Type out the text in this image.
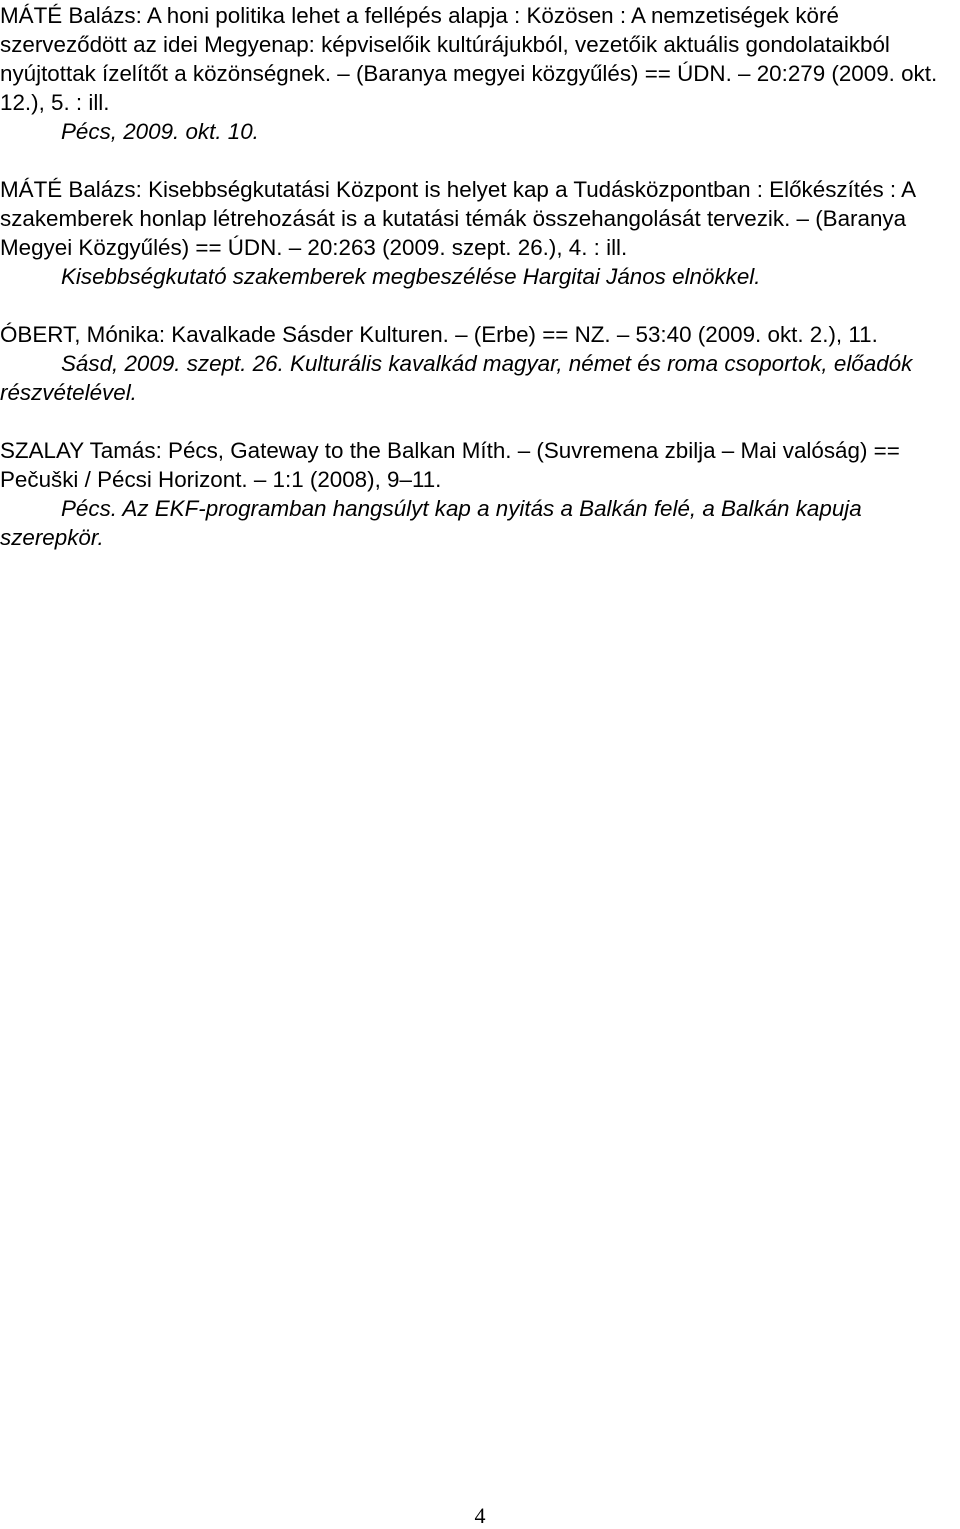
MÁTÉ Balázs: A honi politika lehet a fellépés alapja : Közösen : A nemzetiségek köré szerveződött az idei Megyenap: képviselőik kultúrájukból, vezetőik aktuális gondolataikból nyújtottak ízelítőt a közönségnek. – (Baranya megyei közgyűlés) == ÚDN. – 20:279 (2009. okt. 12.), 5. : ill.

Pécs, 2009. okt. 10.

MÁTÉ Balázs: Kisebbségkutatási Központ is helyet kap a Tudásközpontban : Előkészítés : A szakemberek honlap létrehozását is a kutatási témák összehangolását tervezik. – (Baranya Megyei Közgyűlés) == ÚDN. – 20:263 (2009. szept. 26.), 4. : ill.

Kisebbségkutató szakemberek megbeszélése Hargitai János elnökkel.

ÓBERT, Mónika: Kavalkade Sásder Kulturen. – (Erbe) == NZ. – 53:40 (2009. okt. 2.), 11.

Sásd, 2009. szept. 26. Kulturális kavalkád magyar, német és roma csoportok, előadók részvételével.

SZALAY Tamás: Pécs, Gateway to the Balkan Míth. – (Suvremena zbilja – Mai valóság) == Pečuški / Pécsi Horizont. – 1:1 (2008), 9–11.

Pécs. Az EKF-programban hangsúlyt kap a nyitás a Balkán felé, a Balkán kapuja szerepkör.

4
